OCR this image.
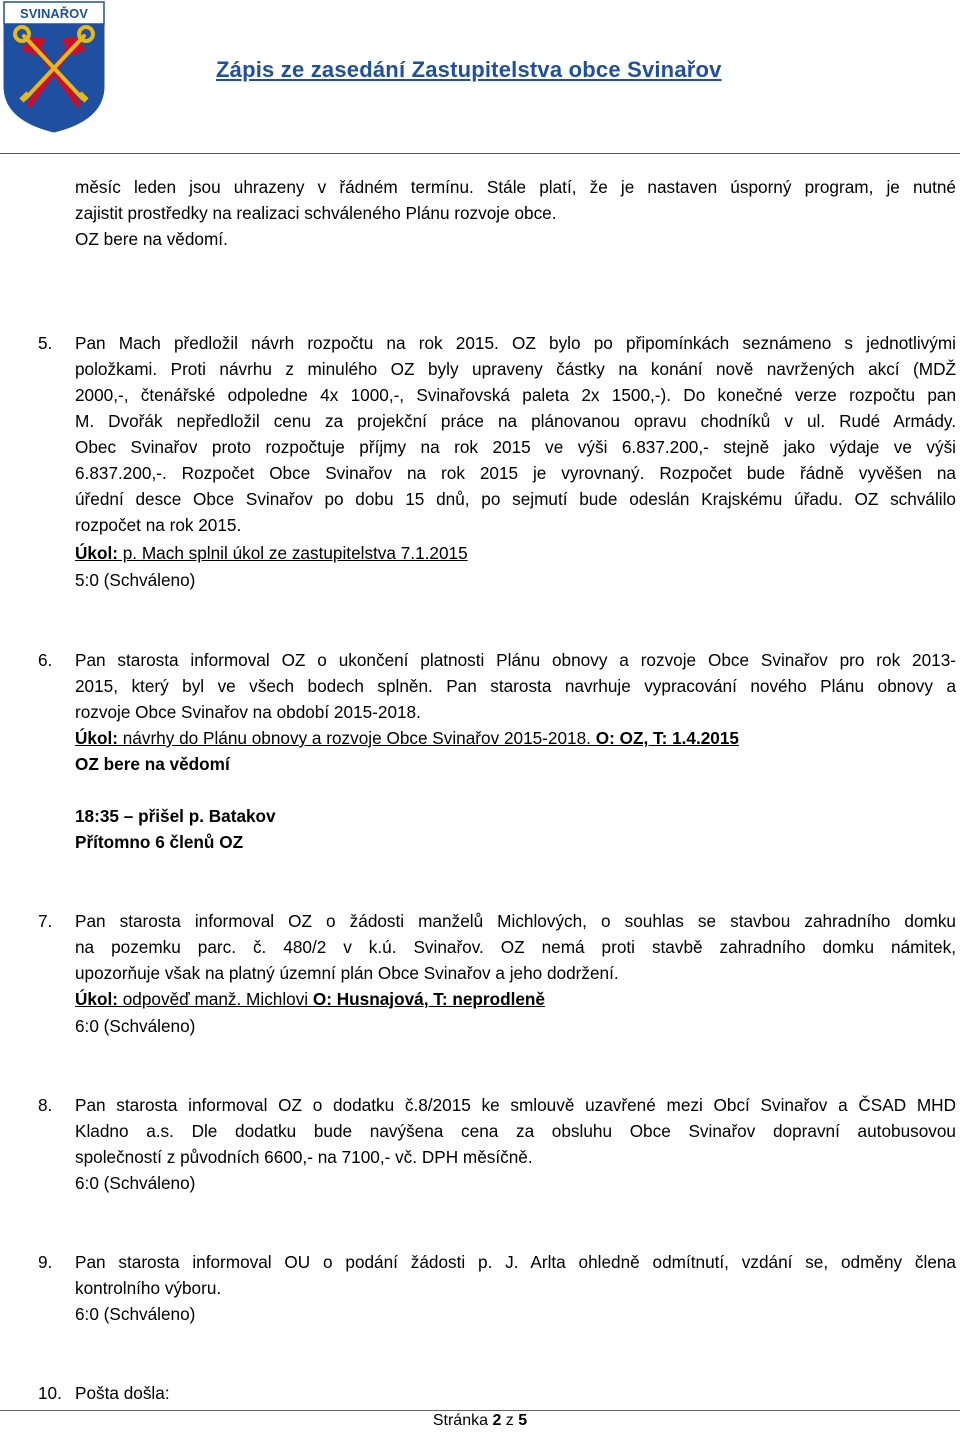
SVINAŘOV
Zápis ze zasedání Zastupitelstva obce Svinařov
měsíc leden jsou uhrazeny v řádném termínu. Stále platí, že je nastaven úsporný program, je nutné
zajistit prostředky na realizaci schváleného Plánu rozvoje obce.
OZ bere na vědomí.
5. Pan Mach předložil návrh rozpočtu na rok 2015. OZ bylo po připomínkách seznámeno s jednotlivými
položkami. Proti návrhu z minulého OZ byly upraveny částky na konání nově navržených akcí (MDŽ
2000,-, čtenářské odpoledne 4x 1000,-, Svinařovská paleta 2x 1500,-). Do konečné verze rozpočtu pan
M. Dvořák nepředložil cenu za projekční práce na plánovanou opravu chodníků v ul. Rudé Armády.
Obec Svinařov proto rozpočtuje příjmy na rok 2015 ve výši 6.837.200,- stejně jako výdaje ve výši
6.837.200,-. Rozpočet Obce Svinařov na rok 2015 je vyrovnaný. Rozpočet bude řádně vyvěšen na
úřední desce Obce Svinařov po dobu 15 dnů, po sejmutí bude odeslán Krajskému úřadu. OZ schválilo
rozpočet na rok 2015.
Úkol: p. Mach splnil úkol ze zastupitelstva 7.1.2015
5:0 (Schváleno)
6. Pan starosta informoval OZ o ukončení platnosti Plánu obnovy a rozvoje Obce Svinařov pro rok 2013-
2015, který byl ve všech bodech splněn. Pan starosta navrhuje vypracování nového Plánu obnovy a
rozvoje Obce Svinařov na období 2015-2018.
Úkol: návrhy do Plánu obnovy a rozvoje Obce Svinařov 2015-2018. O: OZ, T: 1.4.2015
OZ bere na vědomí
18:35 – přišel p. Batakov
Přítomno 6 členů OZ
7. Pan starosta informoval OZ o žádosti manželů Michlových, o souhlas se stavbou zahradního domku
na pozemku parc. č. 480/2 v k.ú. Svinařov. OZ nemá proti stavbě zahradního domku námitek,
upozorňuje však na platný územní plán Obce Svinařov a jeho dodržení.
Úkol: odpověď manž. Michlovi O: Husnajová, T: neprodleně
6:0 (Schváleno)
8. Pan starosta informoval OZ o dodatku č.8/2015 ke smlouvě uzavřené mezi Obcí Svinařov a ČSAD MHD
Kladno a.s. Dle dodatku bude navýšena cena za obsluhu Obce Svinařov dopravní autobusovou
společností z původních 6600,- na 7100,- vč. DPH měsíčně.
6:0 (Schváleno)
9. Pan starosta informoval OU o podání žádosti p. J. Arlta ohledně odmítnutí, vzdání se, odměny člena
kontrolního výboru.
6:0 (Schváleno)
10. Pošta došla:
Stránka 2 z 5
